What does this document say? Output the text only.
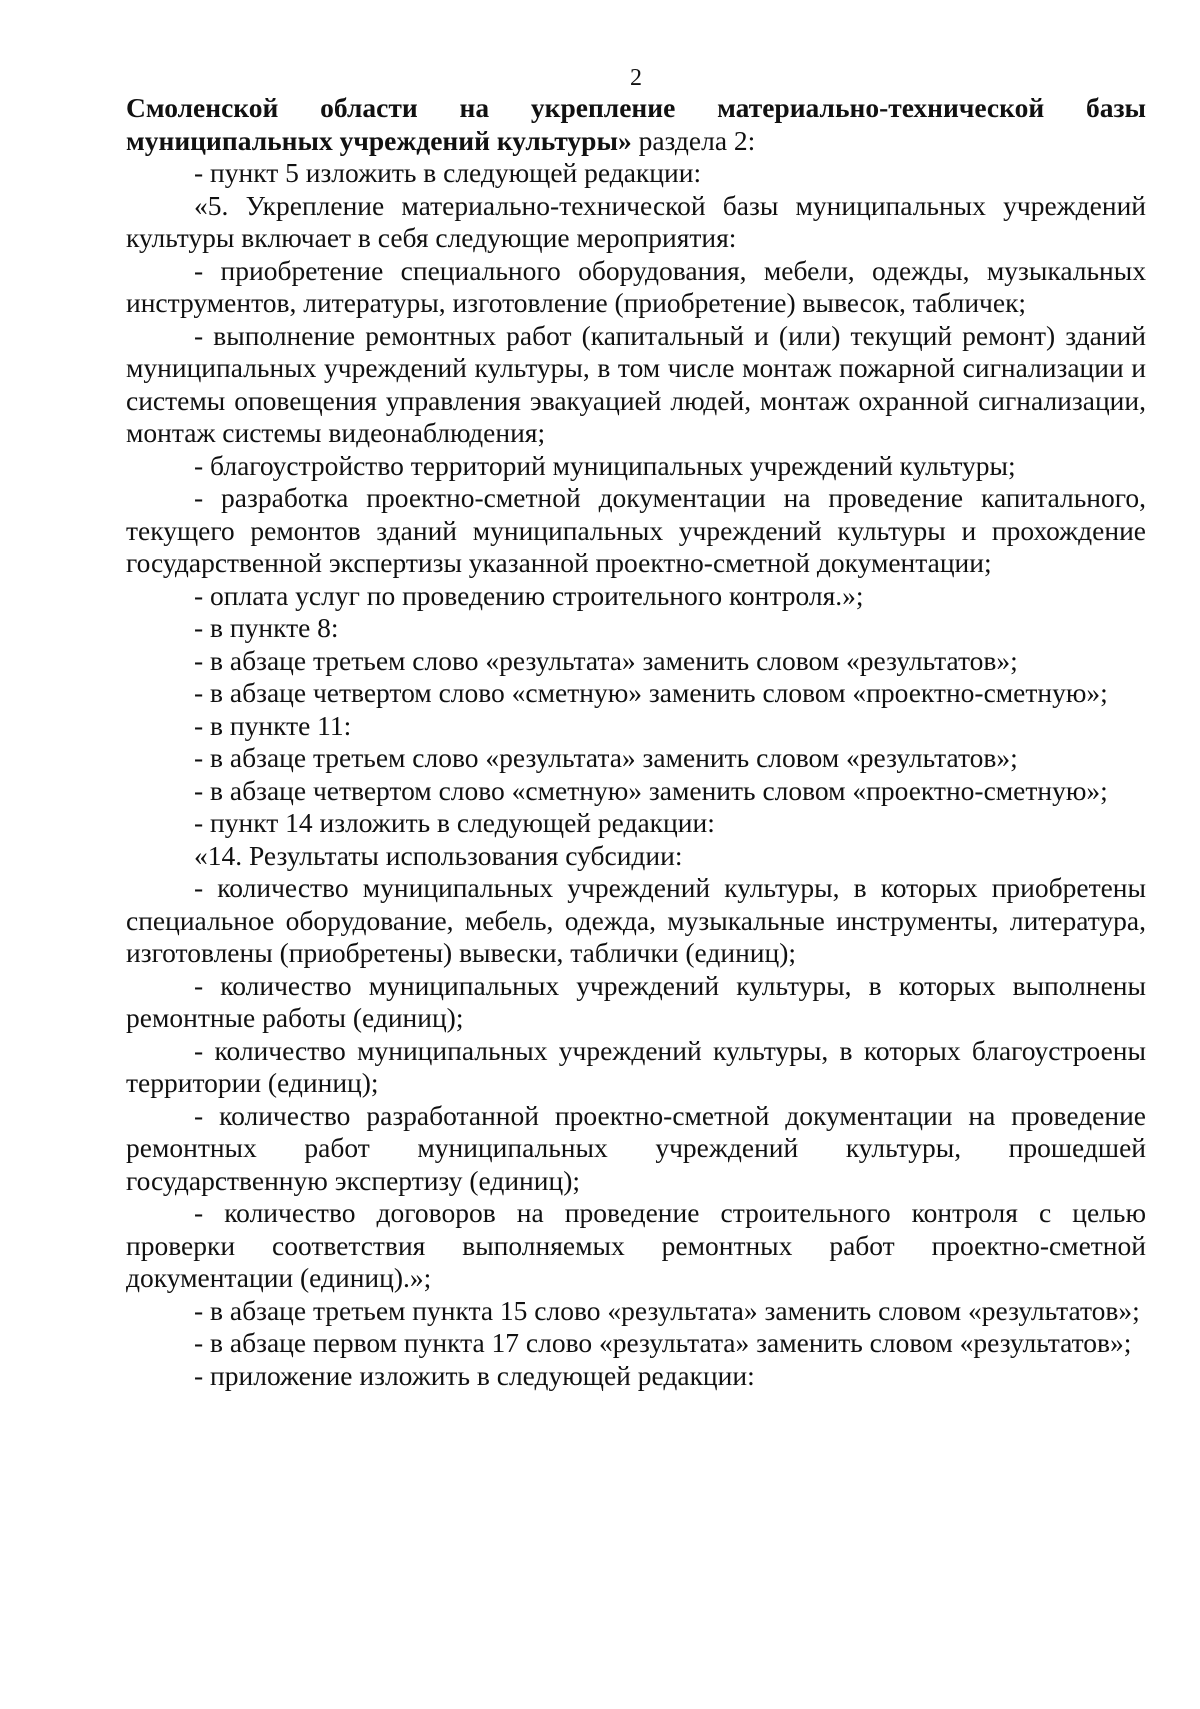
2

Смоленской области на укрепление материально-технической базы муниципальных учреждений культуры» раздела 2:

- пункт 5 изложить в следующей редакции:

«5. Укрепление материально-технической базы муниципальных учреждений культуры включает в себя следующие мероприятия:

- приобретение специального оборудования, мебели, одежды, музыкальных инструментов, литературы, изготовление (приобретение) вывесок, табличек;

- выполнение ремонтных работ (капитальный и (или) текущий ремонт) зданий муниципальных учреждений культуры, в том числе монтаж пожарной сигнализации и системы оповещения управления эвакуацией людей, монтаж охранной сигнализации, монтаж системы видеонаблюдения;

- благоустройство территорий муниципальных учреждений культуры;

- разработка проектно-сметной документации на проведение капитального, текущего ремонтов зданий муниципальных учреждений культуры и прохождение государственной экспертизы указанной проектно-сметной документации;

- оплата услуг по проведению строительного контроля.»;

- в пункте 8:

- в абзаце третьем слово «результата» заменить словом «результатов»;

- в абзаце четвертом слово «сметную» заменить словом «проектно-сметную»;

- в пункте 11:

- в абзаце третьем слово «результата» заменить словом «результатов»;

- в абзаце четвертом слово «сметную» заменить словом «проектно-сметную»;

- пункт 14 изложить в следующей редакции:

«14. Результаты использования субсидии:

- количество муниципальных учреждений культуры, в которых приобретены специальное оборудование, мебель, одежда, музыкальные инструменты, литература, изготовлены (приобретены) вывески, таблички (единиц);

- количество муниципальных учреждений культуры, в которых выполнены ремонтные работы (единиц);

- количество муниципальных учреждений культуры, в которых благоустроены территории (единиц);

- количество разработанной проектно-сметной документации на проведение ремонтных работ муниципальных учреждений культуры, прошедшей государственную экспертизу (единиц);

- количество договоров на проведение строительного контроля с целью проверки соответствия выполняемых ремонтных работ проектно-сметной документации (единиц).»;

- в абзаце третьем пункта 15 слово «результата» заменить словом «результатов»;

- в абзаце первом пункта 17 слово «результата» заменить словом «результатов»;

- приложение изложить в следующей редакции:
